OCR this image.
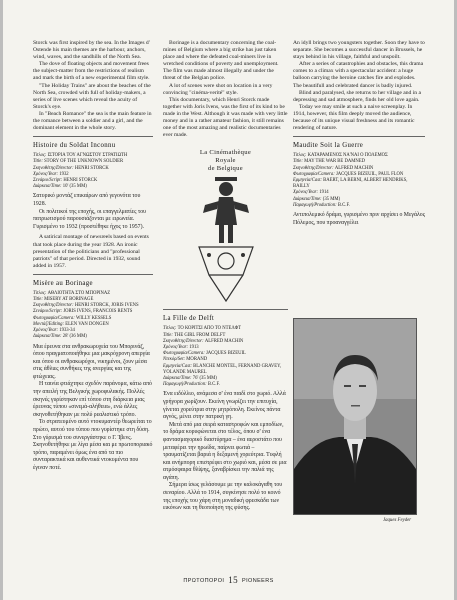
Storck was first inspired by the sea. In the Images d' Ostende his main themes are the harbour, anchors, wind, waves, and the sandhills of the North Sea.

The dove of floating objects and movement frees the subject-matter from the restrictions of realism and mark the birth of a new experimental film style.

"The Holiday Trains" are about the beaches of the North Sea, crowded with full of holiday-makers, a series of live scenes which reveal the acuity of Storck's eye.

In "Beach Romance" the sea is the main feature in the romance between a soldier and a girl, and the dominant element in the whole story.

Histoire du Soldat Inconnu
Τίτλος: ΙΣΤΟΡΙΑ ΤΟΥ ΑΓΝΩΣΤΟΥ ΣΤΡΑΤΙΩΤΗ
Title: STORY OF THE UNKNOWN SOLDIER
Σκηνοθέτης/Director: HENRI STORCK
Χρόνος/Year: 1932
Σενάριο/Script: HENRI STORCK
Διάρκεια/Time: 10' (35 MM)

Σατυρικό μοντάζ επικαίρων από γεγονότα του 1928.

Οι πολιτικοί της εποχής, οι επαγγελματίες του πατριωτισμού παρουσιάζονται με ειρωνεία. Γυρισμένο το 1932 (προστέθηκε ήχος το 1957).

A satirical montage of newsreels based on events that took place during the year 1928. An ironic presentation of the politicians and "professional patriots" of that period. Directed in 1932, sound added in 1957.

Misère au Borinage
Τίτλος: ΑΘΛΙΟΤΗΤΑ ΣΤΟ ΜΠΟΡΙΝΑΖ
Title: MISERY AT BORINAGE
Σκηνοθέτης/Director: HENRI STORCK, JORIS IVENS
Σενάριο/Script: JORIS IVENS, FRANCOIS RENTS
Φωτογραφία/Camera: WILLY KESSELS
Μοντάζ/Editing: ELEN VAN DONGEN
Χρόνος/Year: 1933-34
Διάρκεια/Time: 28' (36 MM)

Μια έρευνα στα ανθρακωρυχεία του Μπορινάζ, όπου πραγματοποιήθηκε μια μακρόχρονη απεργία και όπου οι ανθρακωρύχοι, νικημένοι, ζουν μέσα στις άθλιες συνθήκες της ανεργίας και της φτώχειας.

Η ταινία φτιάχτηκε σχεδόν παράνομα, κάτω από την απειλή της Βελγικής χωροφυλακής. Πολλές σκηνές γυρίστηκαν επί τόπου στη διάρκεια μιας έρευνας τύπου «σινεμά-αλήθεια», ενώ άλλες σκηνοθετήθηκαν με πολύ ρεαλιστικό τρόπο.

Το στρατευμένο αυτό ντοκυμαντέρ θεωρείται το πρώτο, αυτού του τύπου που γυρίστηκε στη δύση. Στο γύρισμά του συνεργάστηκε ο Γ. Ίβενς. Σκηνοθετήθηκε με λίγα μέσα και με πρωτοποριακό τρόπο, παραμένει όμως ένα από τα πιο συνταρακτικά και αυθεντικά ντοκυμέντα που έγιναν ποτέ.

Borinage is a documentary concerning the coal-mines of Belgium where a big strike has just taken place and where the defeated coal-miners live in wretched conditions of poverty and unemployment. The film was made almost illegally and under the threat of the Belgian police.

A lot of scenes were shot on location in a very convincing "cinéma-verité" style.

This documentary, which Henri Storck made together with Joris Ivens, was the first of its kind to be made in the West. Although it was made with very little money and in a rather amateur fashion, it still remains one of the most amazing and realistic documentaries ever made.

La Cinémathèque

Royale

de Belgique

La Fille de Delft
Τίτλος: ΤΟ ΚΟΡΙΤΣΙ ΑΠΟ ΤΟ ΝΤΕΛΦΤ
Title: THE GIRL FROM DELFT
Σκηνοθέτης/Director: ALFRED MACHIN
Χρόνος/Year: 1913
Φωτογραφία/Camera: JACQUES BIZEUIL
Ντεκόρ/Set: MORAND
Ερμηνεία/Cast: BLANCHE MONTEL, FERNAND GRAVEY, YOLANDE MAUREL
Διάρκεια/Time: 76' (35 MM)
Παραγωγή/Production: B.C.F.

Ένα ειδύλλιο, ανάμεσα σ' ένα παιδί στο χωριό. Αλλά γρήγορα χωρίζουν. Εκείνη γνωρίζει την επιτυχία, γίνεται χορεύτρια στην μητρόπολη. Εκείνος πάντα αγνός, μένει στην πατρική γη.

Μετά από μια σειρά καταστροφών και εμποδίων, το δράμα κορυφώνεται στο τέλος, όπου σ' ένα φαντασμαγορικό διαστύρημα – ένα αεροστάτο που μεταφέρει την ηρωίδα, παίρνει φωτιά – τραυματίζεται βαριά η δεξαμενή χορεύτρια. Τυφλή και ανήμπορη επιστρέφει στο χωριό και, μέσα σε μια ατμόσφαιρα θλίψης, ξαναβρίσκει την παλιά της αγάπη.

Σήμερα ίσως γελάσουμε με την καλοκάγαθη του σεναρίου. Αλλά το 1914, συγκίνησε πολύ το κοινό της εποχής του χάρη στη μοναδική φρεσκάδα των εικόνων και τη θεοποίηση της φύσης.

An idyll brings two youngsters together. Soon they have to separate. She becomes a successful dancer in Brussels, he stays behind in his village, faithful and unspoilt.

After a series of catastrophies and obstacles, this drama comes to a climax with a spectacular accident: a huge balloon carrying the heroine catches fire and explodes. The beautifull and celebrated dancer is badly injured.

Blind and paralysed, she returns to her village and in a depressing and sad atmosphere, finds her old love again.

Today we may smile at such a naive screenplay. In 1914, however, this film deeply moved the audience, because of its unique visual freshness and its romantic rendering of nature.

Maudite Soit la Guerre
Τίτλος: ΚΑΤΑΡΑΜΕΝΟΣ ΝΑ'ΝΑΙ Ο ΠΟΛΕΜΟΣ
Title: MAY THE WAR BE DAMNED
Σκηνοθέτης/Director: ALFRED MACHIN
Φωτογραφία/Camera: JACQUES BIZEUIL, PAUL FLON
Ερμηνεία/Cast: BAERT, LA BERNI, ALBERT HENDRIKS, BAILLY
Χρόνος/Year: 1914
Διάρκεια/Time: (35 MM)
Παραγωγή/Production: B.C.F.
Αντιπολεμικό δράμα, γυρισμένο πριν αρχίσει ο Μεγάλος Πόλεμος, που προαναγγέλει
Jaques Feyder
ΠΡΩΤΟΠΟΡΟΙ 15 PIONEERS
